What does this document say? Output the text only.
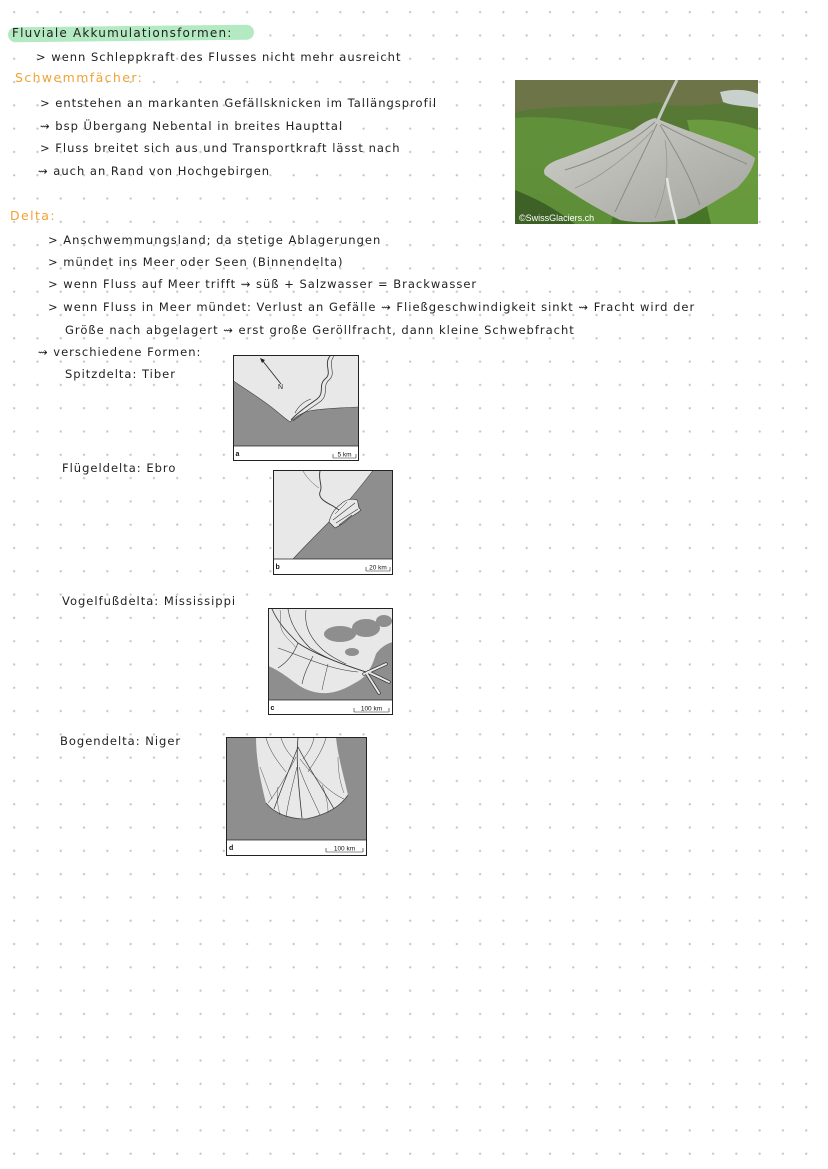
Fluviale Akkumulationsformen:
> wenn Schleppkraft des Flusses nicht mehr ausreicht
Schwemmfächer:
> entstehen an markanten Gefällsknicken im Tallängsprofil
⇝ bsp Übergang Nebental in breites Haupttal
> Fluss breitet sich aus und Transportkraft lässt nach
⇝ auch an Rand von Hochgebirgen
©SwissGlaciers.ch
Delta:
> Anschwemmungsland; da stetige Ablagerungen
> mündet ins Meer oder Seen (Binnendelta)
> wenn Fluss auf Meer trifft ⇝ süß + Salzwasser = Brackwasser
> wenn Fluss in Meer mündet: Verlust an Gefälle ⇝ Fließgeschwindigkeit sinkt ⇝ Fracht wird der
Größe nach abgelagert ⇝ erst große Geröllfracht, dann kleine Schwebfracht
⇝ verschiedene Formen:
Spitzdelta: Tiber
N
a	5 km
Flügeldelta: Ebro
b	20 km
Vogelfußdelta: Mississippi
c	100 km
Bogendelta: Niger
d	100 km
